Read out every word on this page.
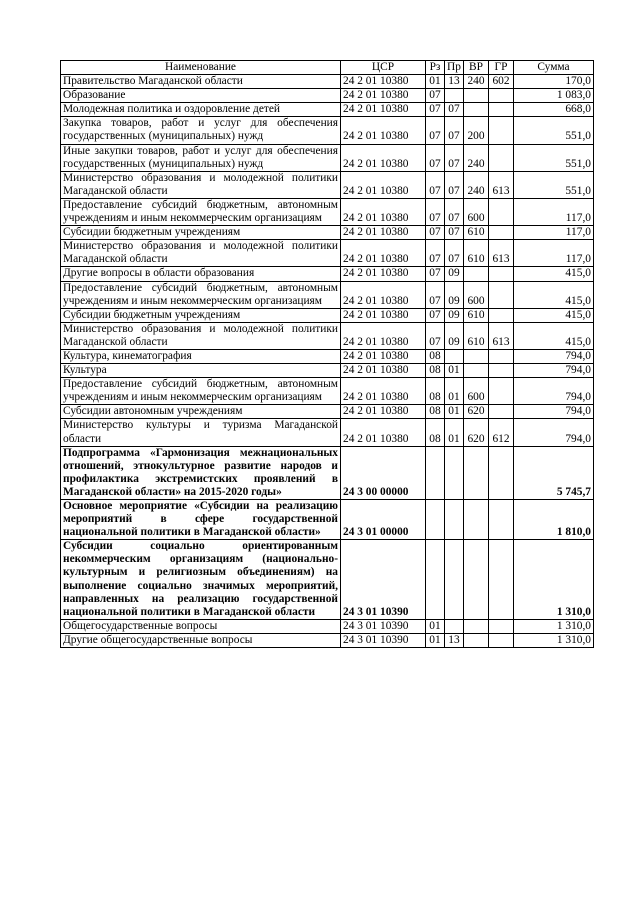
Наименование	ЦСР	Рз	Пр	ВР	ГР	Сумма
Правительство Магаданской области	24 2 01 10380	01	13	240	602	170,0
Образование	24 2 01 10380	07				1 083,0
Молодежная политика и оздоровление детей	24 2 01 10380	07	07			668,0
Закупка товаров, работ и услуг для обеспечения государственных (муниципальных) нужд	24 2 01 10380	07	07	200		551,0
Иные закупки товаров, работ и услуг для обеспечения государственных (муниципальных) нужд	24 2 01 10380	07	07	240		551,0
Министерство образования и молодежной политики Магаданской области	24 2 01 10380	07	07	240	613	551,0
Предоставление субсидий бюджетным, автономным учреждениям и иным некоммерческим организациям	24 2 01 10380	07	07	600		117,0
Субсидии бюджетным учреждениям	24 2 01 10380	07	07	610		117,0
Министерство образования и молодежной политики Магаданской области	24 2 01 10380	07	07	610	613	117,0
Другие вопросы в области образования	24 2 01 10380	07	09			415,0
Предоставление субсидий бюджетным, автономным учреждениям и иным некоммерческим организациям	24 2 01 10380	07	09	600		415,0
Субсидии бюджетным учреждениям	24 2 01 10380	07	09	610		415,0
Министерство образования и молодежной политики Магаданской области	24 2 01 10380	07	09	610	613	415,0
Культура, кинематография	24 2 01 10380	08				794,0
Культура	24 2 01 10380	08	01			794,0
Предоставление субсидий бюджетным, автономным учреждениям и иным некоммерческим организациям	24 2 01 10380	08	01	600		794,0
Субсидии автономным учреждениям	24 2 01 10380	08	01	620		794,0
Министерство культуры и туризма Магаданской области	24 2 01 10380	08	01	620	612	794,0
Подпрограмма «Гармонизация межнациональных отношений, этнокультурное развитие народов и профилактика экстремистских проявлений в Магаданской области» на 2015-2020 годы»	24 3 00 00000					5 745,7
Основное мероприятие «Субсидии на реализацию мероприятий в сфере государственной национальной политики в Магаданской области»	24 3 01 00000					1 810,0
Субсидии социально ориентированным некоммерческим организациям (национально-культурным и религиозным объединениям) на выполнение социально значимых мероприятий, направленных на реализацию государственной национальной политики в Магаданской области	24 3 01 10390					1 310,0
Общегосударственные вопросы	24 3 01 10390	01				1 310,0
Другие общегосударственные вопросы	24 3 01 10390	01	13			1 310,0
